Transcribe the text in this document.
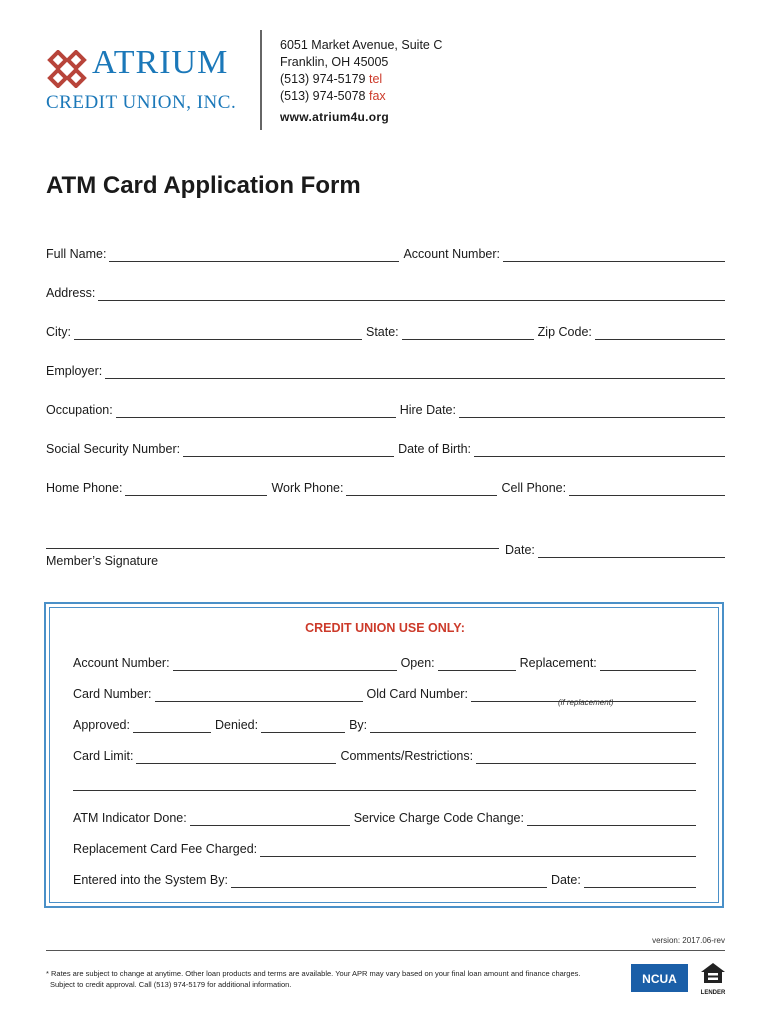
ATRIUM
CREDIT UNION, INC.
6051 Market Avenue, Suite C
Franklin, OH 45005
(513) 974-5179 tel
(513) 974-5078 fax
www.atrium4u.org
ATM Card Application Form
Full Name:	Account Number:
Address:
City:	State:	Zip Code:
Employer:
Occupation:	Hire Date:
Social Security Number:	Date of Birth:
Home Phone:	Work Phone:	Cell Phone:
Date:
Member’s Signature
CREDIT UNION USE ONLY:
Account Number:	Open:	Replacement:
Card Number:	Old Card Number:
(if replacement)
Approved:	Denied:	By:
Card Limit:	Comments/Restrictions:
ATM Indicator Done:	Service Charge Code Change:
Replacement Card Fee Charged:
Entered into the System By:	Date:
version: 2017.06-rev
* Rates are subject to change at anytime. Other loan products and terms are available. Your APR may vary based on your final loan amount and finance charges.
Subject to credit approval. Call (513) 974-5179 for additional information.	NCUA
LENDER
